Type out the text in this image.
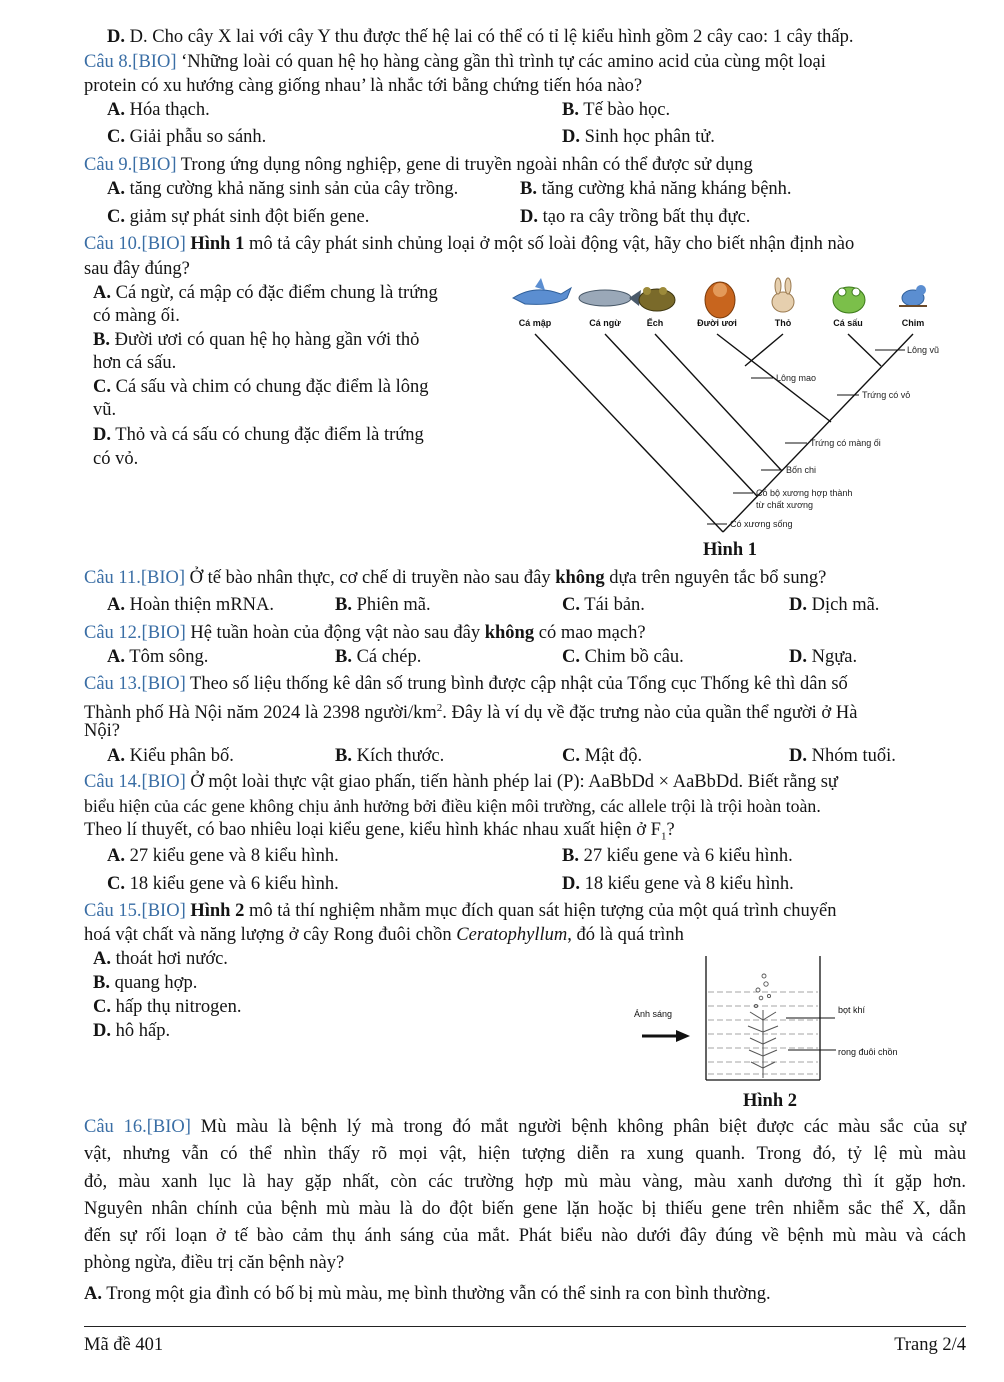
D. D. Cho cây X lai với cây Y thu được thế hệ lai có thể có tỉ lệ kiểu hình gồm 2 cây cao: 1 cây thấp.
Câu 8.[BIO] ‘Những loài có quan hệ họ hàng càng gần thì trình tự các amino acid của cùng một loại
protein có xu hướng càng giống nhau’ là nhắc tới bằng chứng tiến hóa nào?
A. Hóa thạch.	B. Tế bào học.
C. Giải phẫu so sánh.	D. Sinh học phân tử.
Câu 9.[BIO] Trong ứng dụng nông nghiệp, gene di truyền ngoài nhân có thể được sử dụng
A. tăng cường khả năng sinh sản của cây trồng.	B. tăng cường khả năng kháng bệnh.
C. giảm sự phát sinh đột biến gene.	D. tạo ra cây trồng bất thụ đực.
Câu 10.[BIO] Hình 1 mô tả cây phát sinh chủng loại ở một số loài động vật, hãy cho biết nhận định nào
sau đây đúng?
A. Cá ngừ, cá mập có đặc điểm chung là trứng
có màng ối.
B. Đười ươi có quan hệ họ hàng gần với thỏ
hơn cá sấu.
C. Cá sấu và chim có chung đặc điểm là lông
vũ.
D. Thỏ và cá sấu có chung đặc điểm là trứng
có vỏ.
Cá mập	Cá ngừ	Ếch	Đười ươi	Thỏ	Cá sấu	Chim
Lông vũ
Lông mao
Trứng có vỏ
Trứng có màng ối
Bốn chi
Có bộ xương hợp thành
từ chất xương
Có xương sống
Hình 1
Câu 11.[BIO] Ở tế bào nhân thực, cơ chế di truyền nào sau đây không dựa trên nguyên tắc bổ sung?
A. Hoàn thiện mRNA.	B. Phiên mã.	C. Tái bản.	D. Dịch mã.
Câu 12.[BIO] Hệ tuần hoàn của động vật nào sau đây không có mao mạch?
A. Tôm sông.	B. Cá chép.	C. Chim bồ câu.	D. Ngựa.
Câu 13.[BIO] Theo số liệu thống kê dân số trung bình được cập nhật của Tổng cục Thống kê thì dân số
Thành phố Hà Nội năm 2024 là 2398 người/$km^2$. Đây là ví dụ về đặc trưng nào của quần thể người ở Hà
Nội?
A. Kiểu phân bố.	B. Kích thước.	C. Mật độ.	D. Nhóm tuổi.
Câu 14.[BIO] Ở một loài thực vật giao phấn, tiến hành phép lai (P): AaBbDd × AaBbDd. Biết rằng sự
biểu hiện của các gene không chịu ảnh hưởng bởi điều kiện môi trường, các allele trội là trội hoàn toàn.
Theo lí thuyết, có bao nhiêu loại kiểu gene, kiểu hình khác nhau xuất hiện ở $F_1$?
A. 27 kiểu gene và 8 kiểu hình.	B. 27 kiểu gene và 6 kiểu hình.
C. 18 kiểu gene và 6 kiểu hình.	D. 18 kiểu gene và 8 kiểu hình.
Câu 15.[BIO] Hình 2 mô tả thí nghiệm nhằm mục đích quan sát hiện tượng của một quá trình chuyển
hoá vật chất và năng lượng ở cây Rong đuôi chồn Ceratophyllum, đó là quá trình
A. thoát hơi nước.
B. quang hợp.
C. hấp thụ nitrogen.
D. hô hấp.
Ánh sáng	bọt khí
rong đuôi chồn
Hình 2
Câu 16.[BIO] Mù màu là bệnh lý mà trong đó mắt người bệnh không phân biệt được các màu sắc của sự
vật, nhưng vẫn có thể nhìn thấy rõ mọi vật, hiện tượng diễn ra xung quanh. Trong đó, tỷ lệ mù màu
đỏ, màu xanh lục là hay gặp nhất, còn các trường hợp mù màu vàng, màu xanh dương thì ít gặp hơn.
Nguyên nhân chính của bệnh mù màu là do đột biến gene lặn hoặc bị thiếu gene trên nhiễm sắc thể X, dẫn
đến sự rối loạn ở tế bào cảm thụ ánh sáng của mắt. Phát biểu nào dưới đây đúng về bệnh mù màu và cách
phòng ngừa, điều trị căn bệnh này?
A. Trong một gia đình có bố bị mù màu, mẹ bình thường vẫn có thể sinh ra con bình thường.
Mã đề 401	Trang 2/4
